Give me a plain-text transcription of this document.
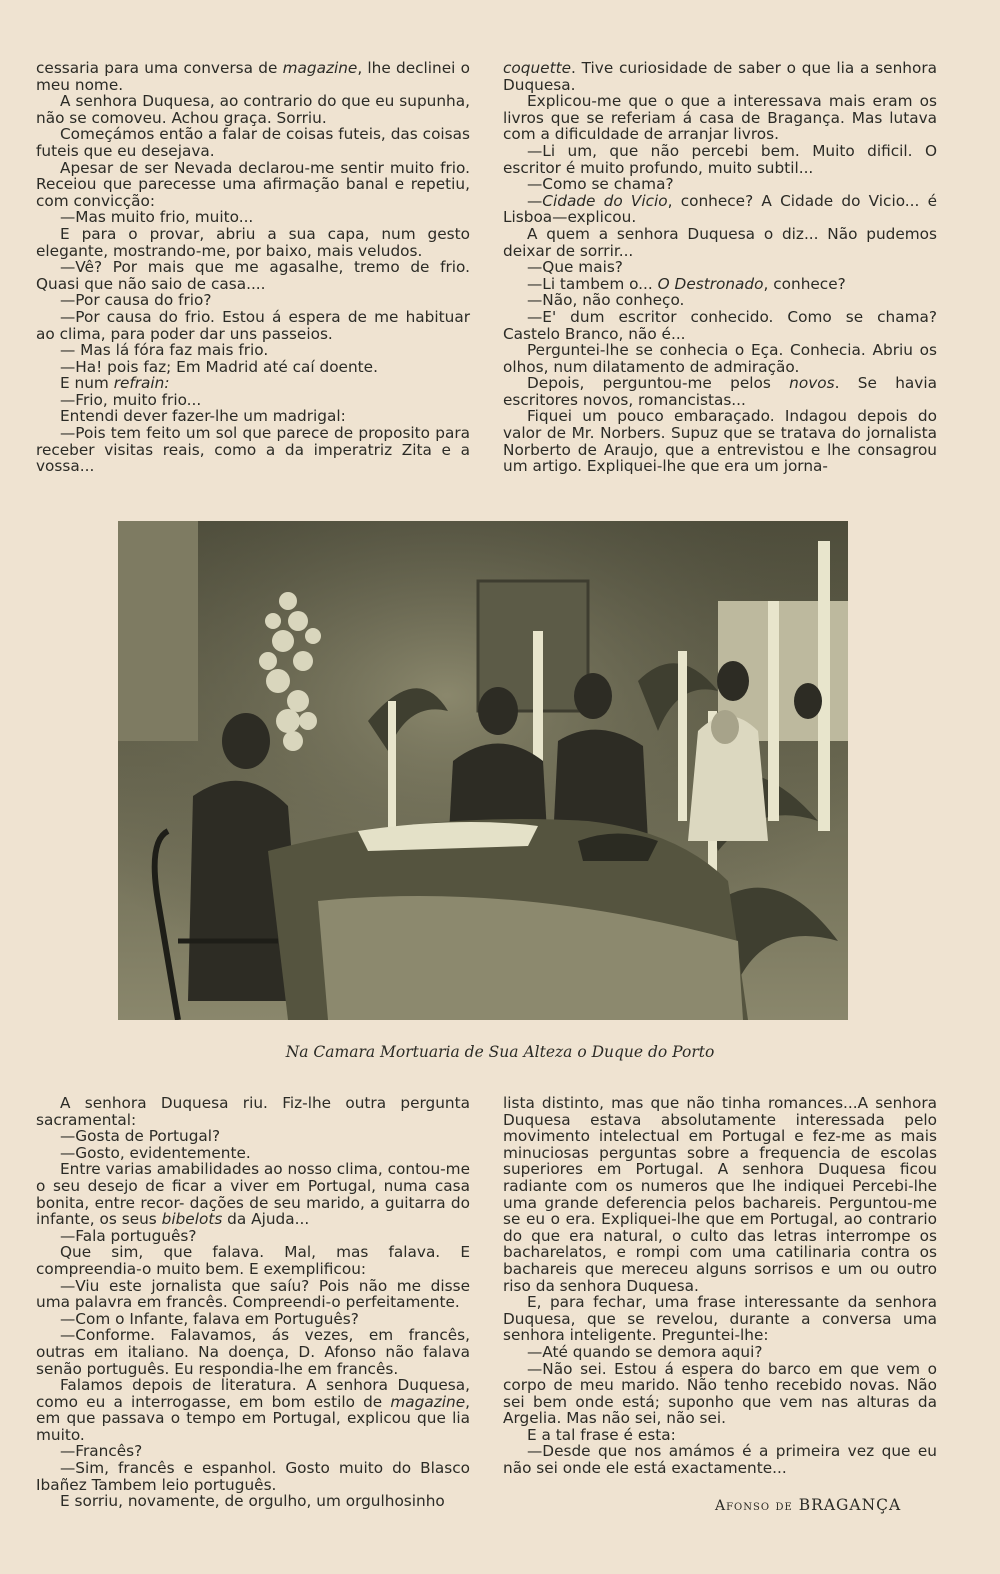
cessaria para uma conversa de magazine, lhe declinei o meu nome.

A senhora Duquesa, ao contrario do que eu supunha, não se comoveu. Achou graça. Sorriu.

Começámos então a falar de coisas futeis, das coisas futeis que eu desejava.

Apesar de ser Nevada declarou-me sentir muito frio. Receiou que parecesse uma afirmação banal e repetiu, com convicção:

—Mas muito frio, muito...

E para o provar, abriu a sua capa, num gesto elegante, mostrando-me, por baixo, mais veludos.

—Vê? Por mais que me agasalhe, tremo de frio. Quasi que não saio de casa....

—Por causa do frio?

—Por causa do frio. Estou á espera de me habituar ao clima, para poder dar uns passeios.

— Mas lá fóra faz mais frio.

—Ha! pois faz; Em Madrid até caí doente.

E num refrain:

—Frio, muito frio...

Entendi dever fazer-lhe um madrigal:

—Pois tem feito um sol que parece de proposito para receber visitas reais, como a da imperatriz Zita e a vossa...

coquette. Tive curiosidade de saber o que lia a senhora Duquesa.

Explicou-me que o que a interessava mais eram os livros que se referiam á casa de Bragança. Mas lutava com a dificuldade de arranjar livros.

—Li um, que não percebi bem. Muito dificil. O escritor é muito profundo, muito subtil...

—Como se chama?

—Cidade do Vicio, conhece? A Cidade do Vicio... é Lisboa—explicou.

A quem a senhora Duquesa o diz... Não pudemos deixar de sorrir...

—Que mais?

—Li tambem o... O Destronado, conhece?

—Não, não conheço.

—E' dum escritor conhecido. Como se chama? Castelo Branco, não é...

Perguntei-lhe se conhecia o Eça. Conhecia. Abriu os olhos, num dilatamento de admiração.

Depois, perguntou-me pelos novos. Se havia escritores novos, romancistas...

Fiquei um pouco embaraçado. Indagou depois do valor de Mr. Norbers. Supuz que se tratava do jornalista Norberto de Araujo, que a entrevistou e lhe consagrou um artigo. Expliquei-lhe que era um jorna-

Na Camara Mortuaria de Sua Alteza o Duque do Porto

A senhora Duquesa riu. Fiz-lhe outra pergunta sacramental:

—Gosta de Portugal?

—Gosto, evidentemente.

Entre varias amabilidades ao nosso clima, contou-me o seu desejo de ficar a viver em Portugal, numa casa bonita, entre recor- dações de seu marido, a guitarra do infante, os seus bibelots da Ajuda...

—Fala português?

Que sim, que falava. Mal, mas falava. E compreendia-o muito bem. E exemplificou:

—Viu este jornalista que saíu? Pois não me disse uma palavra em francês. Compreendi-o perfeitamente.

—Com o Infante, falava em Português?

—Conforme. Falavamos, ás vezes, em francês, outras em italiano. Na doença, D. Afonso não falava senão português. Eu respondia-lhe em francês.

Falamos depois de literatura. A senhora Duquesa, como eu a interrogasse, em bom estilo de magazine, em que passava o tempo em Portugal, explicou que lia muito.

—Francês?

—Sim, francês e espanhol. Gosto muito do Blasco Ibañez Tambem leio português.

E sorriu, novamente, de orgulho, um orgulhosinho

lista distinto, mas que não tinha romances...A senhora Duquesa estava absolutamente interessada pelo movimento intelectual em Portugal e fez-me as mais minuciosas perguntas sobre a frequencia de escolas superiores em Portugal. A senhora Duquesa ficou radiante com os numeros que lhe indiquei Percebi-lhe uma grande deferencia pelos bachareis. Perguntou-me se eu o era. Expliquei-lhe que em Portugal, ao contrario do que era natural, o culto das letras interrompe os bacharelatos, e rompi com uma catilinaria contra os bachareis que mereceu alguns sorrisos e um ou outro riso da senhora Duquesa.

E, para fechar, uma frase interessante da senhora Duquesa, que se revelou, durante a conversa uma senhora inteligente. Preguntei-lhe:

—Até quando se demora aqui?

—Não sei. Estou á espera do barco em que vem o corpo de meu marido. Não tenho recebido novas. Não sei bem onde está; suponho que vem nas alturas da Argelia. Mas não sei, não sei.

E a tal frase é esta:

—Desde que nos amámos é a primeira vez que eu não sei onde ele está exactamente...

Afonso de BRAGANÇA
